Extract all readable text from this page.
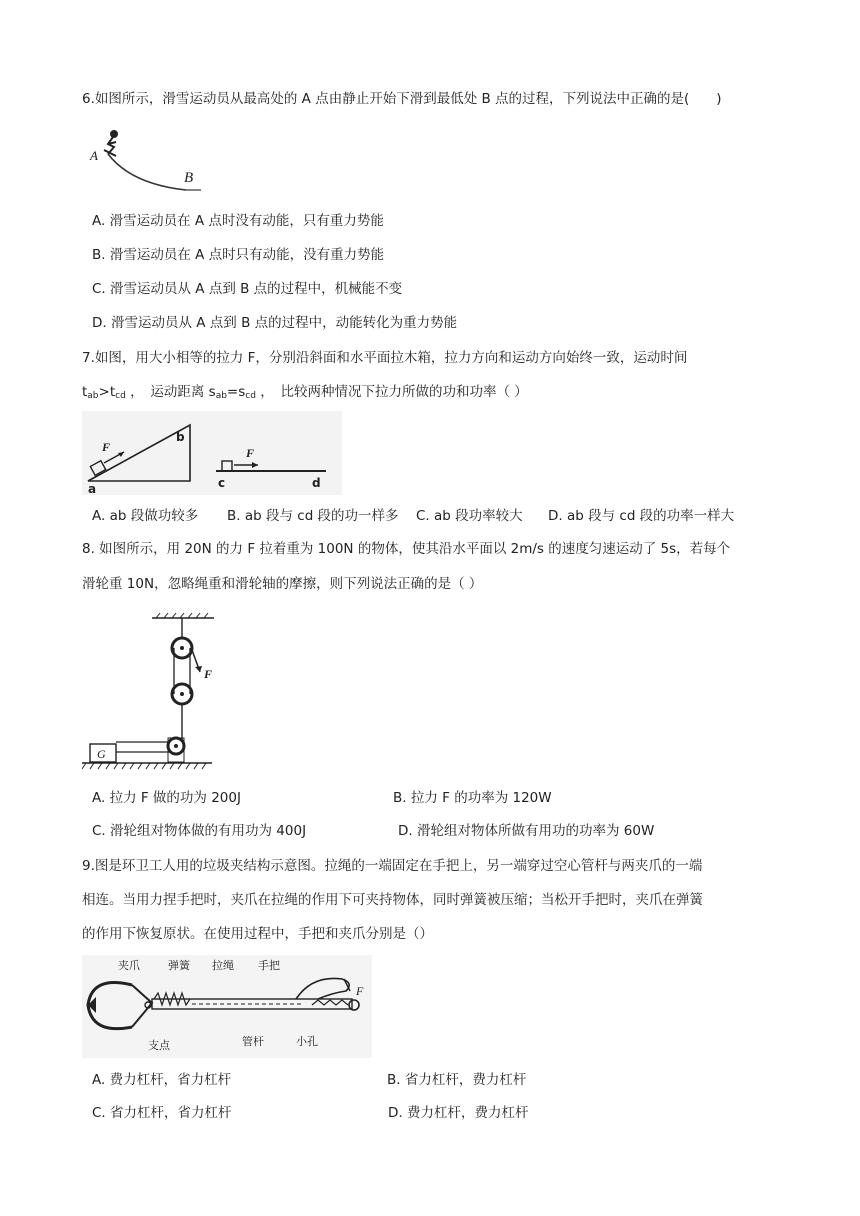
6.如图所示，滑雪运动员从最高处的 A 点由静止开始下滑到最低处 B 点的过程，下列说法中正确的是(　　)
A
B
A. 滑雪运动员在 A 点时没有动能，只有重力势能
B. 滑雪运动员在 A 点时只有动能，没有重力势能
C. 滑雪运动员从 A 点到 B 点的过程中，机械能不变
D. 滑雪运动员从 A 点到 B 点的过程中，动能转化为重力势能
7.如图，用大小相等的拉力 F，分别沿斜面和水平面拉木箱，拉力方向和运动方向始终一致，运动时间
$t_{ab}>t_{cd}$ ，　运动距离 $s_{ab}=s_{cd}$ ，　比较两种情况下拉力所做的功和功率（ ）
F
a
b
F
c	d
A. ab 段做功较多 B. ab 段与 cd 段的功一样多 C. ab 段功率较大 D. ab 段与 cd 段的功率一样大
8. 如图所示，用 20N 的力 F 拉着重为 100N 的物体，使其沿水平面以 2m/s 的速度匀速运动了 5s，若每个
滑轮重 10N，忽略绳重和滑轮轴的摩擦，则下列说法正确的是（ ）
F
G
A. 拉力 F 做的功为 200J	B. 拉力 F 的功率为 120W
C. 滑轮组对物体做的有用功为 400J	D. 滑轮组对物体所做有用功的功率为 60W
9.图是环卫工人用的垃圾夹结构示意图。拉绳的一端固定在手把上，另一端穿过空心管杆与两夹爪的一端
相连。当用力捏手把时，夹爪在拉绳的作用下可夹持物体，同时弹簧被压缩；当松开手把时，夹爪在弹簧
的作用下恢复原状。在使用过程中，手把和夹爪分别是（）
夹爪	弹簧 拉绳 手把
支点	管杆	小孔
F
A. 费力杠杆，省力杠杆	B. 省力杠杆，费力杠杆
C. 省力杠杆，省力杠杆	D. 费力杠杆，费力杠杆
